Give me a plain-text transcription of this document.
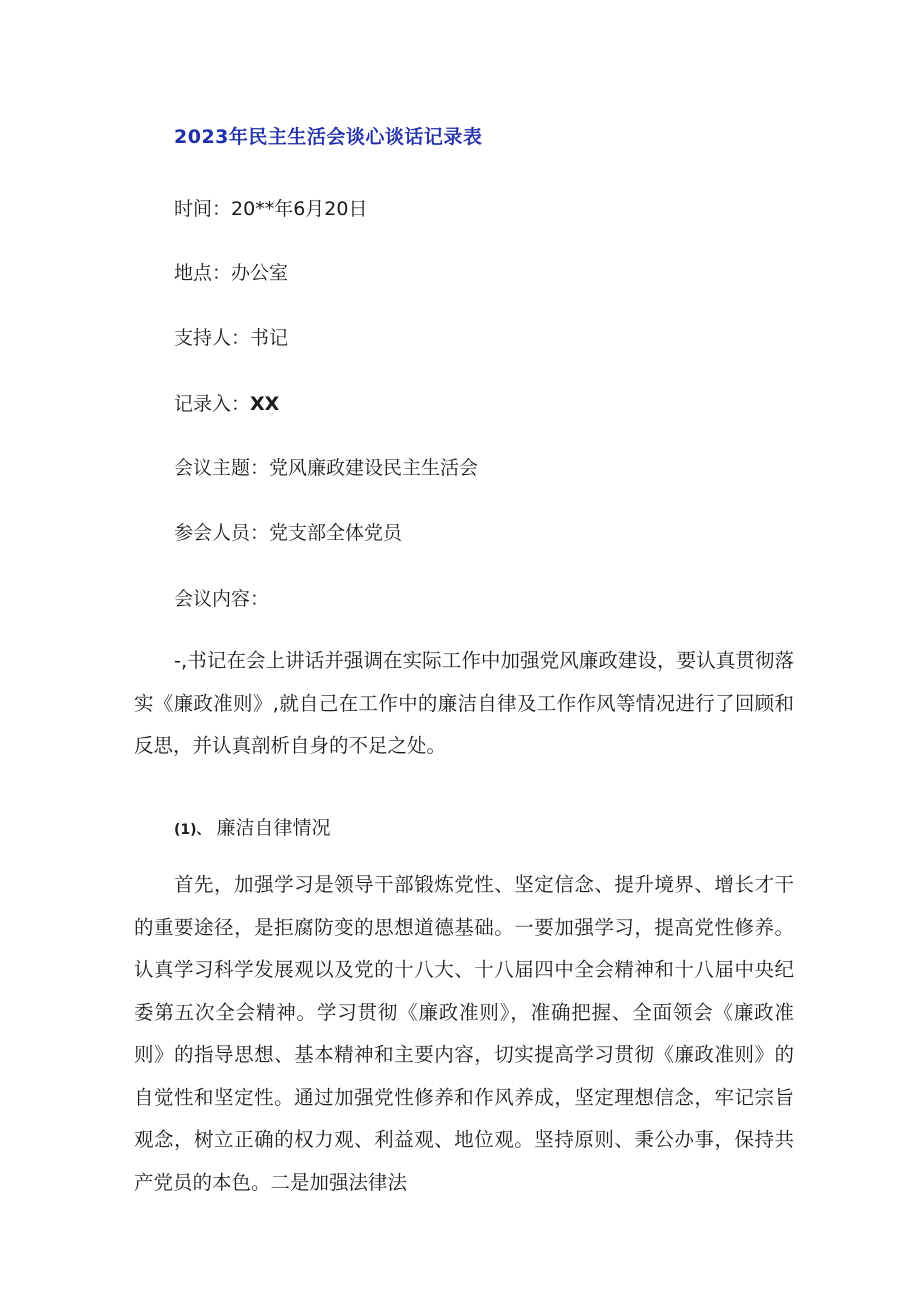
2023年民主生活会谈心谈话记录表
时间：20**年6月20日
地点：办公室
支持人：书记
记录入：XX
会议主题：党风廉政建设民主生活会
参会人员：党支部全体党员
会议内容：
-,书记在会上讲话并强调在实际工作中加强党风廉政建设，要认真贯彻落实《廉政准则》,就自己在工作中的廉洁自律及工作作风等情况进行了回顾和反思，并认真剖析自身的不足之处。
(1)、 廉洁自律情况
首先，加强学习是领导干部锻炼党性、坚定信念、提升境界、增长才干的重要途径，是拒腐防变的思想道德基础。一要加强学习，提高党性修养。认真学习科学发展观以及党的十八大、十八届四中全会精神和十八届中央纪委第五次全会精神。学习贯彻《廉政准则》，准确把握、全面领会《廉政准则》的指导思想、基本精神和主要内容，切实提高学习贯彻《廉政准则》的自觉性和坚定性。通过加强党性修养和作风养成，坚定理想信念，牢记宗旨观念，树立正确的权力观、利益观、地位观。坚持原则、秉公办事，保持共产党员的本色。二是加强法律法
